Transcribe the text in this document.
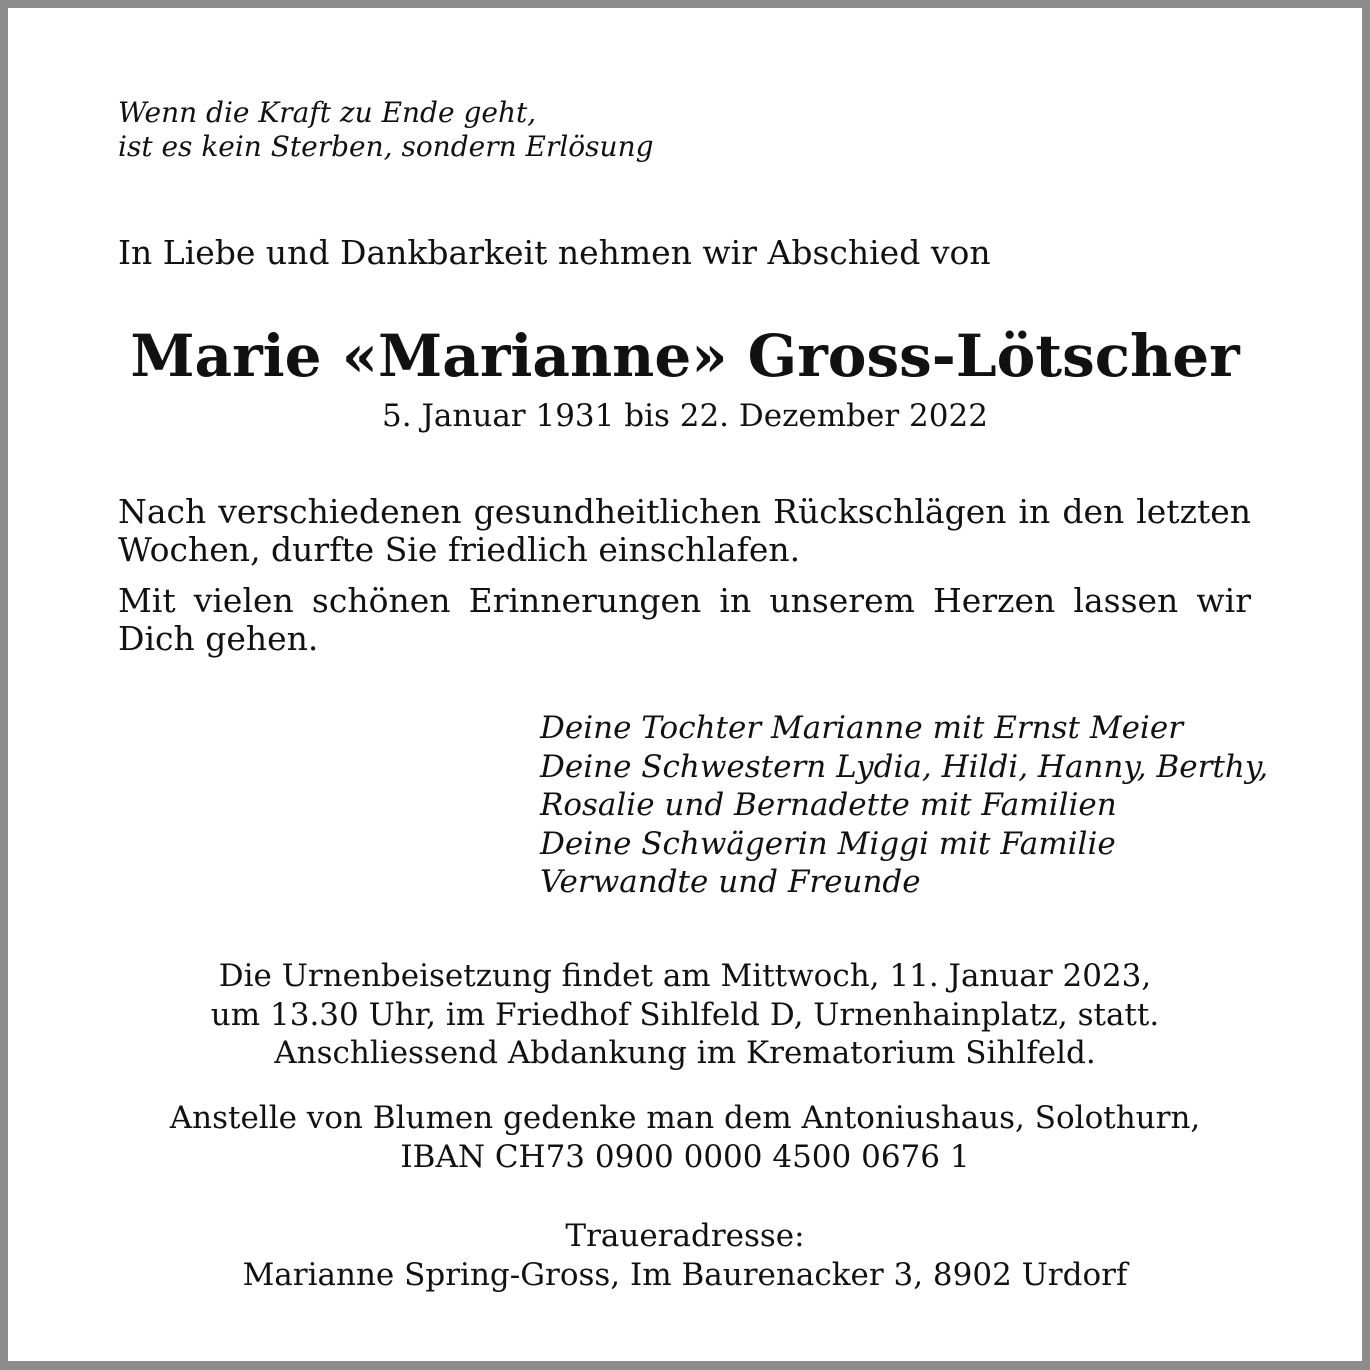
Wenn die Kraft zu Ende geht,
ist es kein Sterben, sondern Erlösung

In Liebe und Dankbarkeit nehmen wir Abschied von

Marie «Marianne» Gross-Lötscher

5. Januar 1931 bis 22. Dezember 2022

Nach verschiedenen gesundheitlichen Rückschlägen in den letzten Wochen, durfte Sie friedlich einschlafen.

Mit vielen schönen Erinnerungen in unserem Herzen lassen wir Dich gehen.

Deine Tochter Marianne mit Ernst Meier
Deine Schwestern Lydia, Hildi, Hanny, Berthy,
Rosalie und Bernadette mit Familien
Deine Schwägerin Miggi mit Familie
Verwandte und Freunde
Die Urnenbeisetzung findet am Mittwoch, 11. Januar 2023,
um 13.30 Uhr, im Friedhof Sihlfeld D, Urnenhainplatz, statt.
Anschliessend Abdankung im Krematorium Sihlfeld.
Anstelle von Blumen gedenke man dem Antoniushaus, Solothurn,
IBAN CH73 0900 0000 4500 0676 1
Traueradresse:
Marianne Spring-Gross, Im Baurenacker 3, 8902 Urdorf
